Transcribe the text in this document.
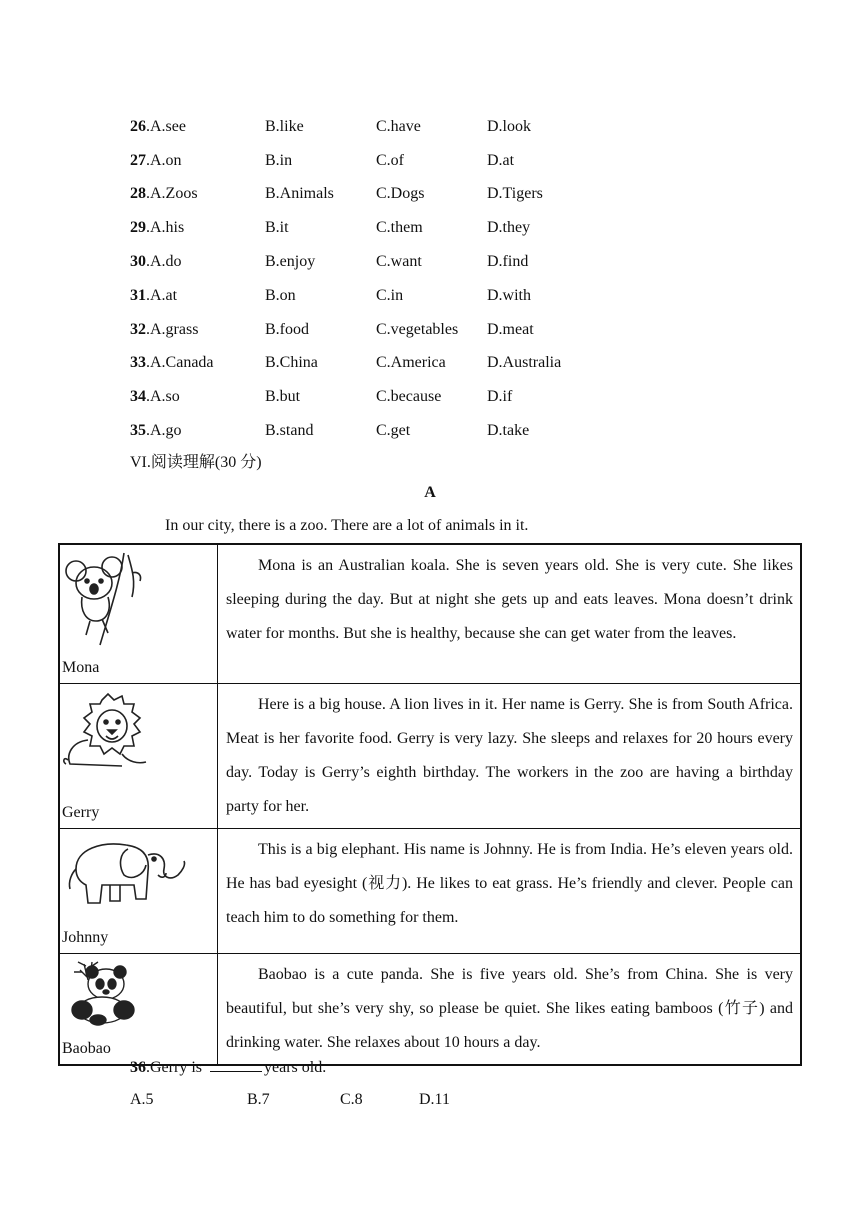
26.A.see	B.like	C.have	D.look
27.A.on	B.in	C.of	D.at
28.A.Zoos	B.Animals	C.Dogs	D.Tigers
29.A.his	B.it	C.them	D.they
30.A.do	B.enjoy	C.want	D.find
31.A.at	B.on	C.in	D.with
32.A.grass	B.food	C.vegetables	D.meat
33.A.Canada	B.China	C.America	D.Australia
34.A.so	B.but	C.because	D.if
35.A.go	B.stand	C.get	D.take
VI.阅读理解(30 分)
A
In our city, there is a zoo. There are a lot of animals in it.
Mona	Mona is an Australian koala. She is seven years old. She is very cute. She likes sleeping during the day. But at night she gets up and eats leaves. Mona doesn’t drink water for months. But she is healthy, because she can get water from the leaves.

Gerry	Here is a big house. A lion lives in it. Her name is Gerry. She is from South Africa. Meat is her favorite food. Gerry is very lazy. She sleeps and relaxes for 20 hours every day. Today is Gerry’s eighth birthday. The workers in the zoo are having a birthday party for her.

Johnny	This is a big elephant. His name is Johnny. He is from India. He’s eleven years old. He has bad eyesight (视力). He likes to eat grass. He’s friendly and clever. People can teach him to do something for them.

Baobao	Baobao is a cute panda. She is five years old. She’s from China. She is very beautiful, but she’s very shy, so please be quiet. She likes eating bamboos (竹子) and drinking water. She relaxes about 10 hours a day.
36.Gerry is	years old.
A.5	B.7	C.8	D.11
